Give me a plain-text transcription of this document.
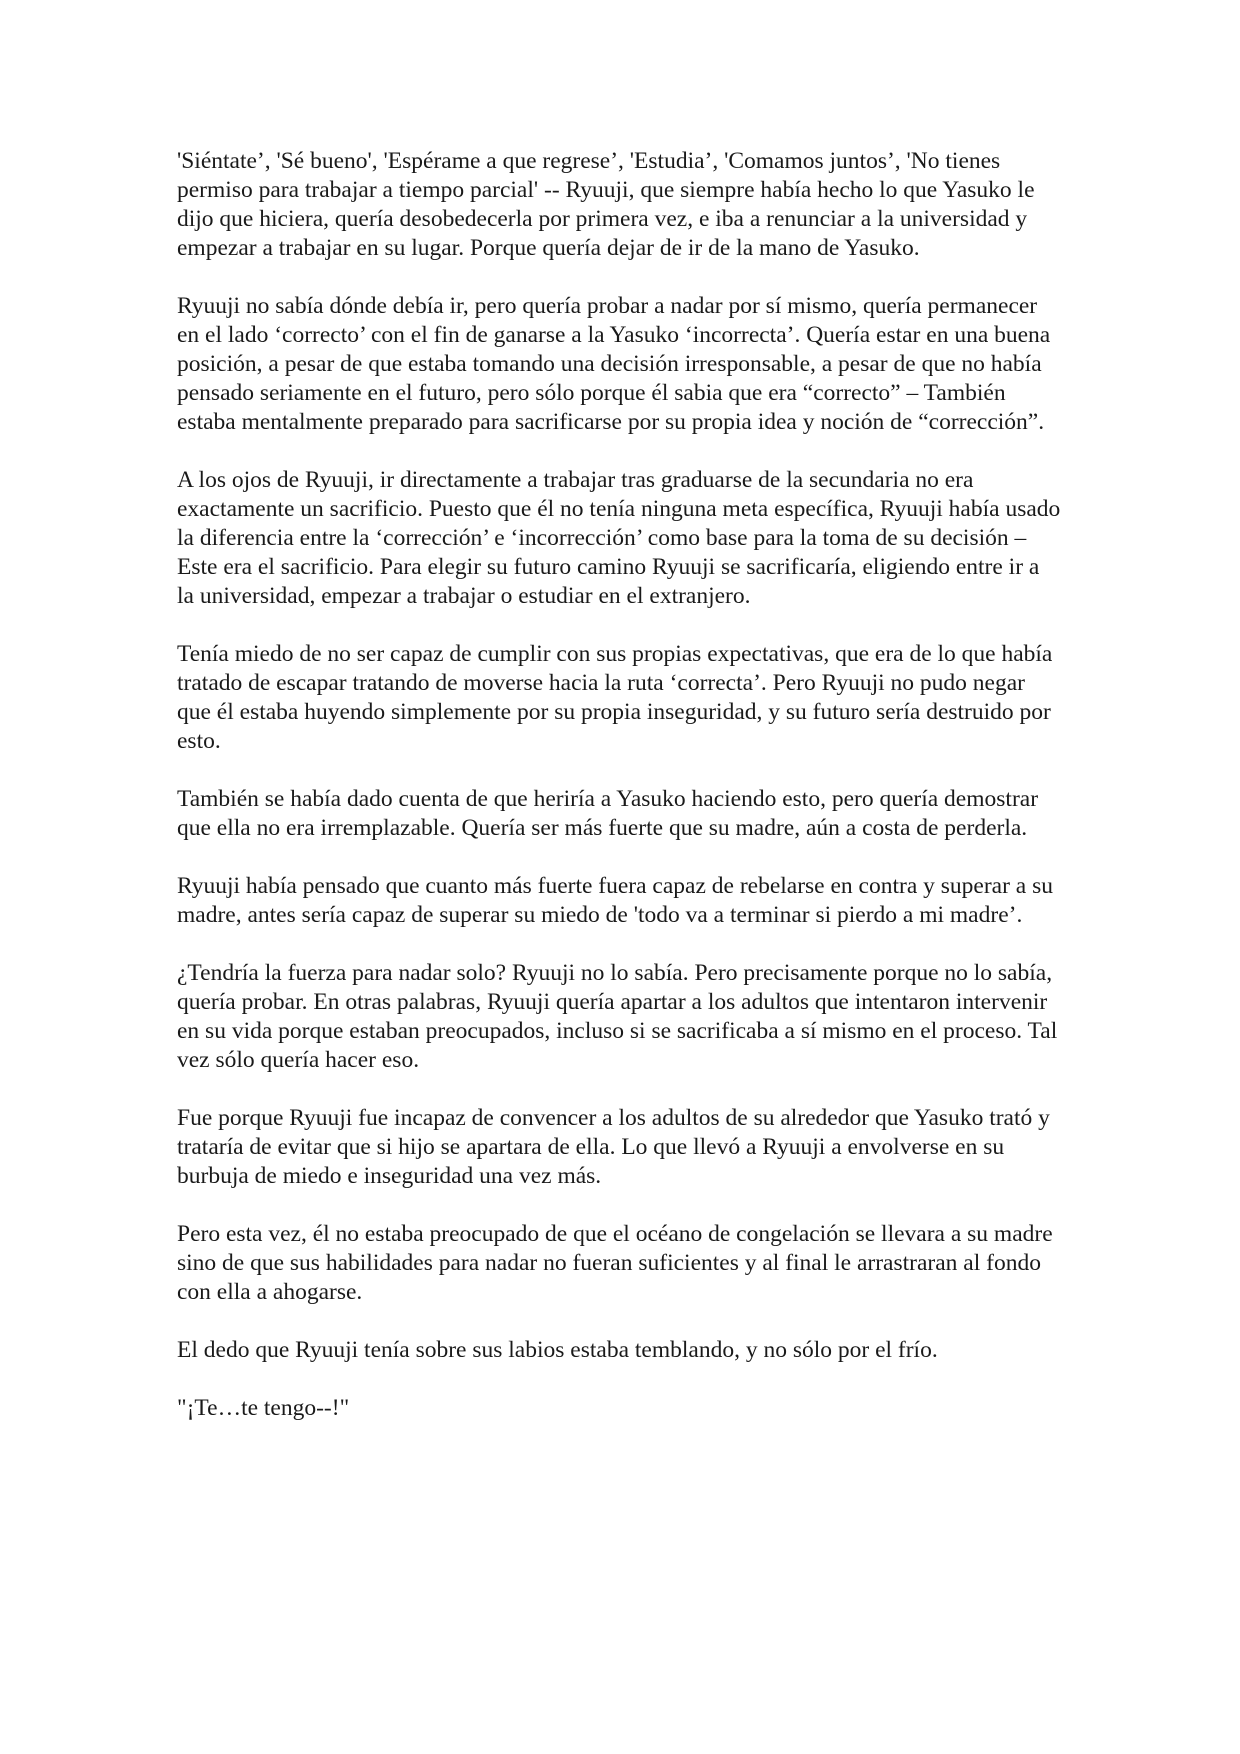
'Siéntate’, 'Sé bueno', 'Espérame a que regrese’, 'Estudia’, 'Comamos juntos’, 'No tienes permiso para trabajar a tiempo parcial' -- Ryuuji, que siempre había hecho lo que Yasuko le dijo que hiciera, quería desobedecerla por primera vez, e iba a renunciar a la universidad y empezar a trabajar en su lugar. Porque quería dejar de ir de la mano de Yasuko.

Ryuuji no sabía dónde debía ir, pero quería probar a nadar por sí mismo, quería permanecer en el lado ‘correcto’ con el fin de ganarse a la Yasuko ‘incorrecta’. Quería estar en una buena posición, a pesar de que estaba tomando una decisión irresponsable, a pesar de que no había pensado seriamente en el futuro, pero sólo porque él sabia que era “correcto” – También estaba mentalmente preparado para sacrificarse por su propia idea y noción de “corrección”.

A los ojos de Ryuuji, ir directamente a trabajar tras graduarse de la secundaria no era exactamente un sacrificio. Puesto que él no tenía ninguna meta específica, Ryuuji había usado la diferencia entre la ‘corrección’ e ‘incorrección’ como base para la toma de su decisión – Este era el sacrificio. Para elegir su futuro camino Ryuuji se sacrificaría, eligiendo entre ir a la universidad, empezar a trabajar o estudiar en el extranjero.

Tenía miedo de no ser capaz de cumplir con sus propias expectativas, que era de lo que había tratado de escapar tratando de moverse hacia la ruta ‘correcta’. Pero Ryuuji no pudo negar que él estaba huyendo simplemente por su propia inseguridad, y su futuro sería destruido por esto.

También se había dado cuenta de que heriría a Yasuko haciendo esto, pero quería demostrar que ella no era irremplazable. Quería ser más fuerte que su madre, aún a costa de perderla.

Ryuuji había pensado que cuanto más fuerte fuera capaz de rebelarse en contra y superar a su madre, antes sería capaz de superar su miedo de 'todo va a terminar si pierdo a mi madre’.

¿Tendría la fuerza para nadar solo? Ryuuji no lo sabía. Pero precisamente porque no lo sabía, quería probar. En otras palabras, Ryuuji quería apartar a los adultos que intentaron intervenir en su vida porque estaban preocupados, incluso si se sacrificaba a sí mismo en el proceso. Tal vez sólo quería hacer eso.

Fue porque Ryuuji fue incapaz de convencer a los adultos de su alrededor que Yasuko trató y trataría de evitar que si hijo se apartara de ella. Lo que llevó a Ryuuji a envolverse en su burbuja de miedo e inseguridad una vez más.

Pero esta vez, él no estaba preocupado de que el océano de congelación se llevara a su madre sino de que sus habilidades para nadar no fueran suficientes y al final le arrastraran al fondo con ella a ahogarse.

El dedo que Ryuuji tenía sobre sus labios estaba temblando, y no sólo por el frío.

"¡Te…te tengo--!"
